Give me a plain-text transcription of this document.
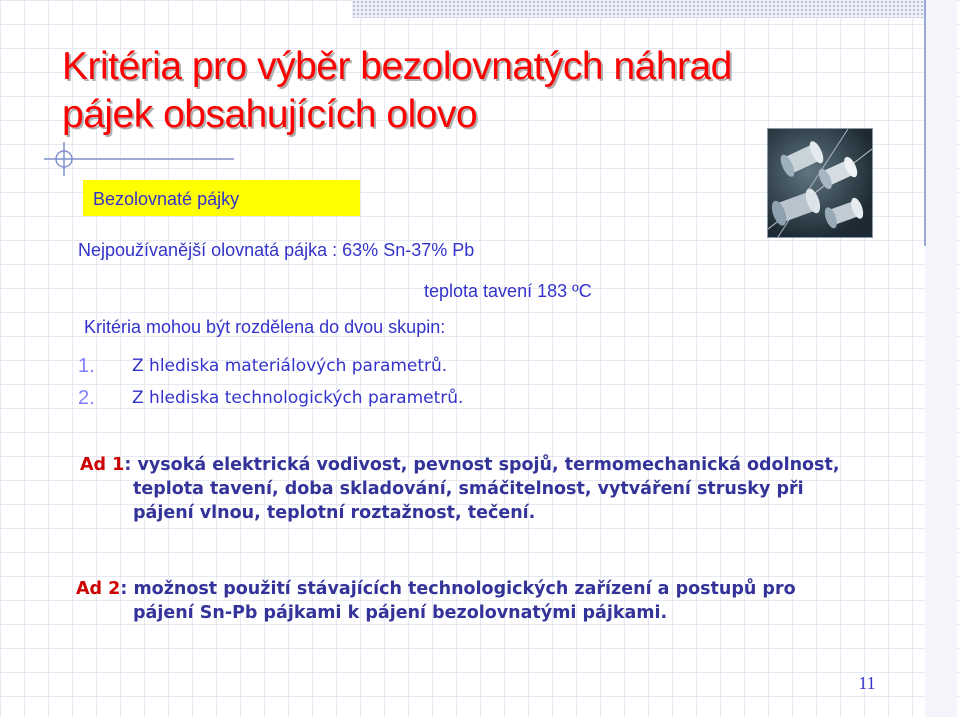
Kritéria pro výběr bezolovnatých náhrad
pájek obsahujících olovo
Bezolovnaté pájky

Nejpoužívanější olovnatá pájka : 63% Sn-37% Pb

teplota tavení 183 ºC

Kritéria mohou být rozdělena do dvou skupin:

1. Z hlediska materiálových parametrů.
2. Z hlediska technologických parametrů.

Ad 1: vysoká elektrická vodivost, pevnost spojů, termomechanická odolnost,
teplota tavení, doba skladování, smáčitelnost, vytváření strusky při
pájení vlnou, teplotní roztažnost, tečení.

Ad 2: možnost použití stávajících technologických zařízení a postupů pro
pájení Sn-Pb pájkami k pájení bezolovnatými pájkami.

11
